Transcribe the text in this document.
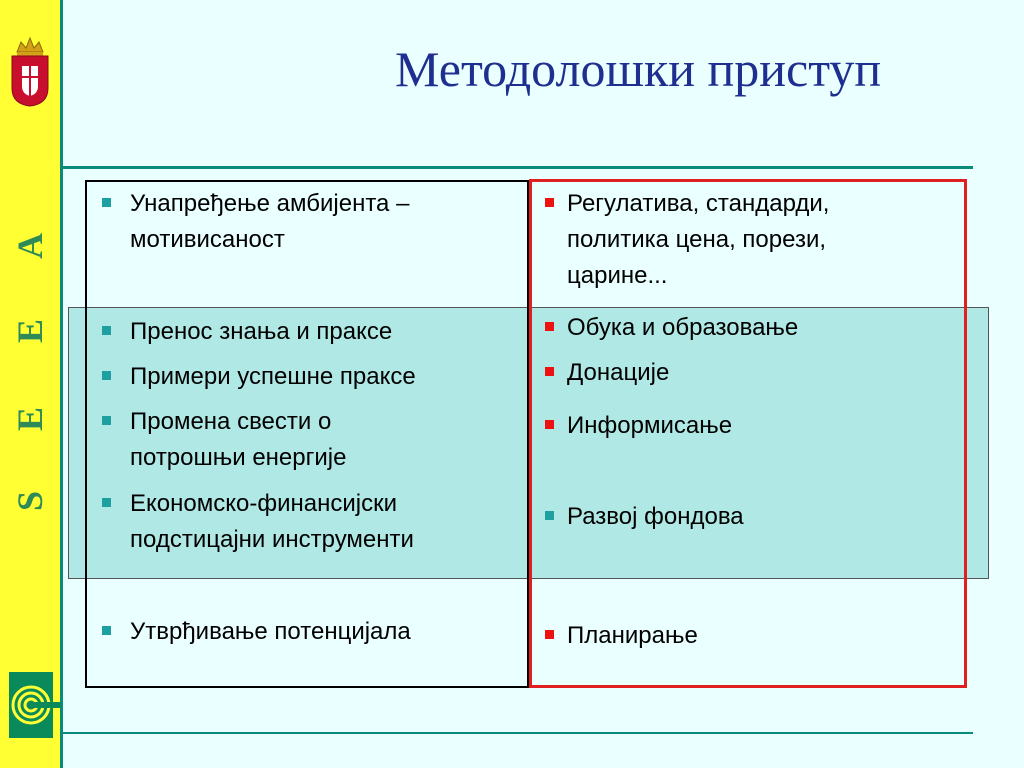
S
E
E
A
Методолошки приступ
Унапређење амбијента – мотивисаност
Пренос знања и праксе
Примери успешне праксе
Промена свести о потрошњи енергије
Економско-финансијски подстицајни инструменти
Утврђивање потенцијала
Регулатива, стандарди, политика цена, порези, царине...
Обука и образовање
Донације
Информисање
Развој фондова
Планирање
